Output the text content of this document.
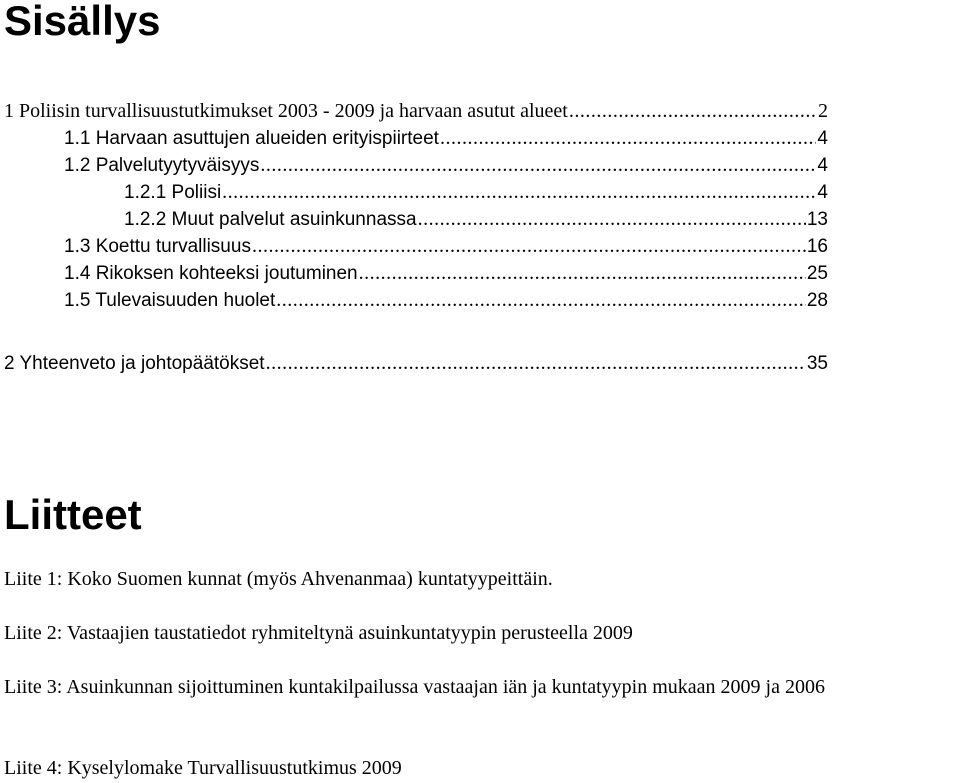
Sisällys
1 Poliisin turvallisuustutkimukset 2003 - 2009 ja harvaan asutut alueet .....	2
1.1 Harvaan asuttujen alueiden erityispiirteet .....	4
1.2 Palvelutyytyväisyys .....	4
1.2.1 Poliisi .....	4
1.2.2 Muut palvelut asuinkunnassa .....	13
1.3 Koettu turvallisuus .....	16
1.4 Rikoksen kohteeksi joutuminen .....	25
1.5 Tulevaisuuden huolet .....	28
2 Yhteenveto ja johtopäätökset .....	35
Liitteet
Liite 1: Koko Suomen kunnat (myös Ahvenanmaa) kuntatyypeittäin.
Liite 2: Vastaajien taustatiedot ryhmiteltynä asuinkuntatyypin perusteella 2009
Liite 3: Asuinkunnan sijoittuminen kuntakilpailussa vastaajan iän ja kuntatyypin mukaan 2009 ja 2006
Liite 4: Kyselylomake Turvallisuustutkimus 2009
